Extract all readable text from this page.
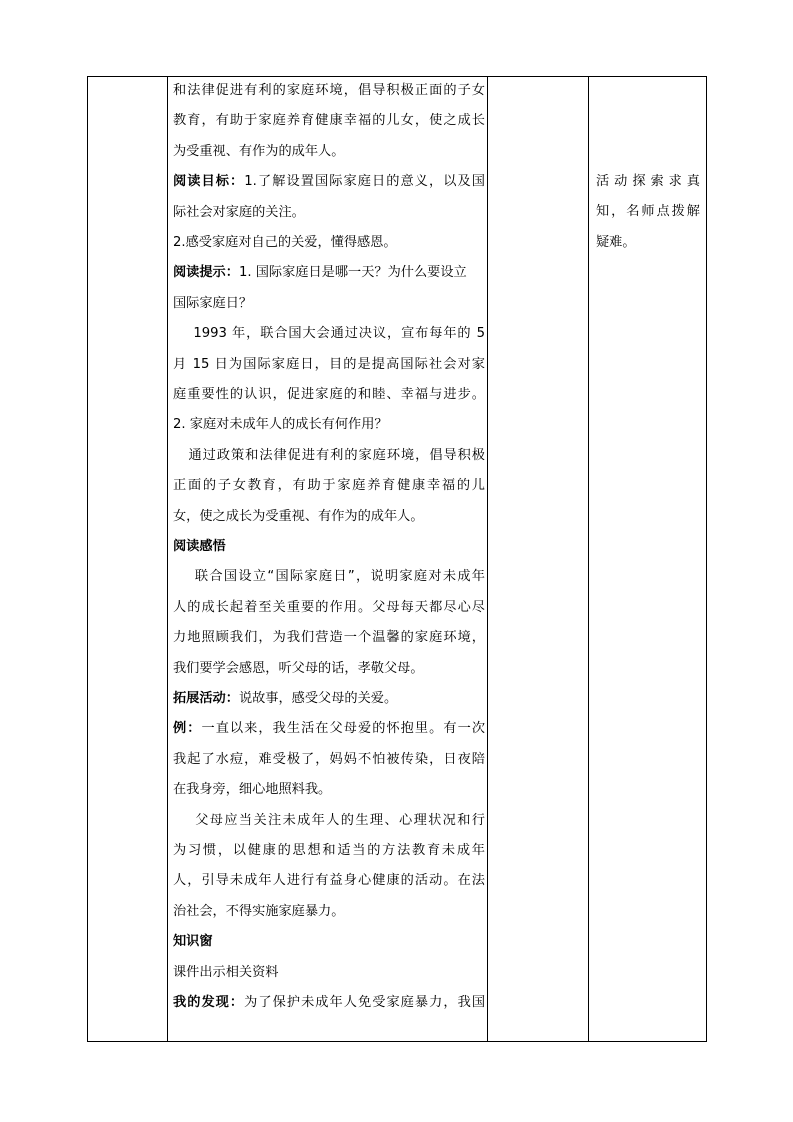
和法律促进有利的家庭环境，倡导积极正面的子女
教育，有助于家庭养育健康幸福的儿女，使之成长
为受重视、有作为的成年人。
阅读目标：1.了解设置国际家庭日的意义，以及国
际社会对家庭的关注。
2.感受家庭对自己的关爱，懂得感恩。
阅读提示：1. 国际家庭日是哪一天？为什么要设立
国际家庭日？
1993 年，联合国大会通过决议，宣布每年的 5
月 15 日为国际家庭日，目的是提高国际社会对家
庭重要性的认识，促进家庭的和睦、幸福与进步。
2. 家庭对未成年人的成长有何作用？
通过政策和法律促进有利的家庭环境，倡导积极
正面的子女教育，有助于家庭养育健康幸福的儿
女，使之成长为受重视、有作为的成年人。
阅读感悟
联合国设立“国际家庭日”，说明家庭对未成年
人的成长起着至关重要的作用。父母每天都尽心尽
力地照顾我们，为我们营造一个温馨的家庭环境，
我们要学会感恩，听父母的话，孝敬父母。
拓展活动：说故事，感受父母的关爱。
例：一直以来，我生活在父母爱的怀抱里。有一次
我起了水痘，难受极了，妈妈不怕被传染，日夜陪
在我身旁，细心地照料我。
父母应当关注未成年人的生理、心理状况和行
为习惯，以健康的思想和适当的方法教育未成年
人，引导未成年人进行有益身心健康的活动。在法
治社会，不得实施家庭暴力。
知识窗
课件出示相关资料
我的发现：为了保护未成年人免受家庭暴力，我国
活动探索求真
知，名师点拨解
疑难。
